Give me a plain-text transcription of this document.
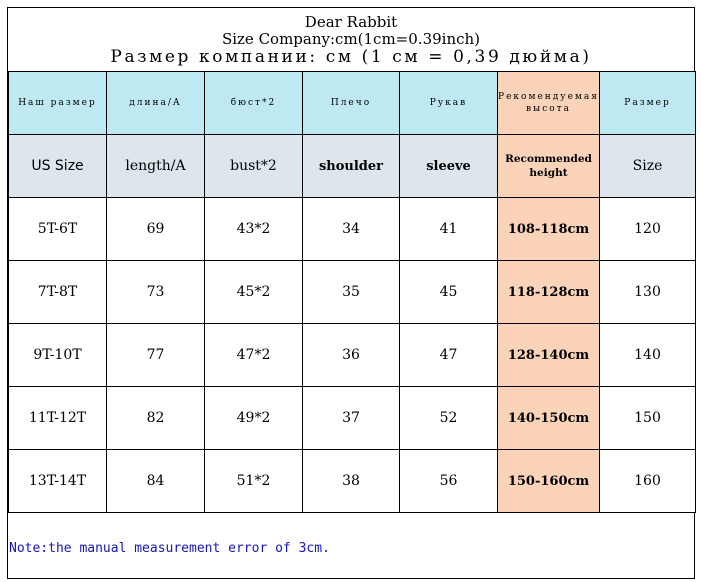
Dear Rabbit
Size Company:cm(1cm=0.39inch)
Размер компании: см (1 см = 0,39 дюйма)
Наш размер	длина/А	бюст*2	Плечо	Рукав	Рекомендуемая высота	Размер
US Size	length/A	bust*2	shoulder	sleeve	Recommended height	Size
5T-6T	69	43*2	34	41	108-118cm	120
7T-8T	73	45*2	35	45	118-128cm	130
9T-10T	77	47*2	36	47	128-140cm	140
11T-12T	82	49*2	37	52	140-150cm	150
13T-14T	84	51*2	38	56	150-160cm	160
Note:the manual measurement error of 3cm.
